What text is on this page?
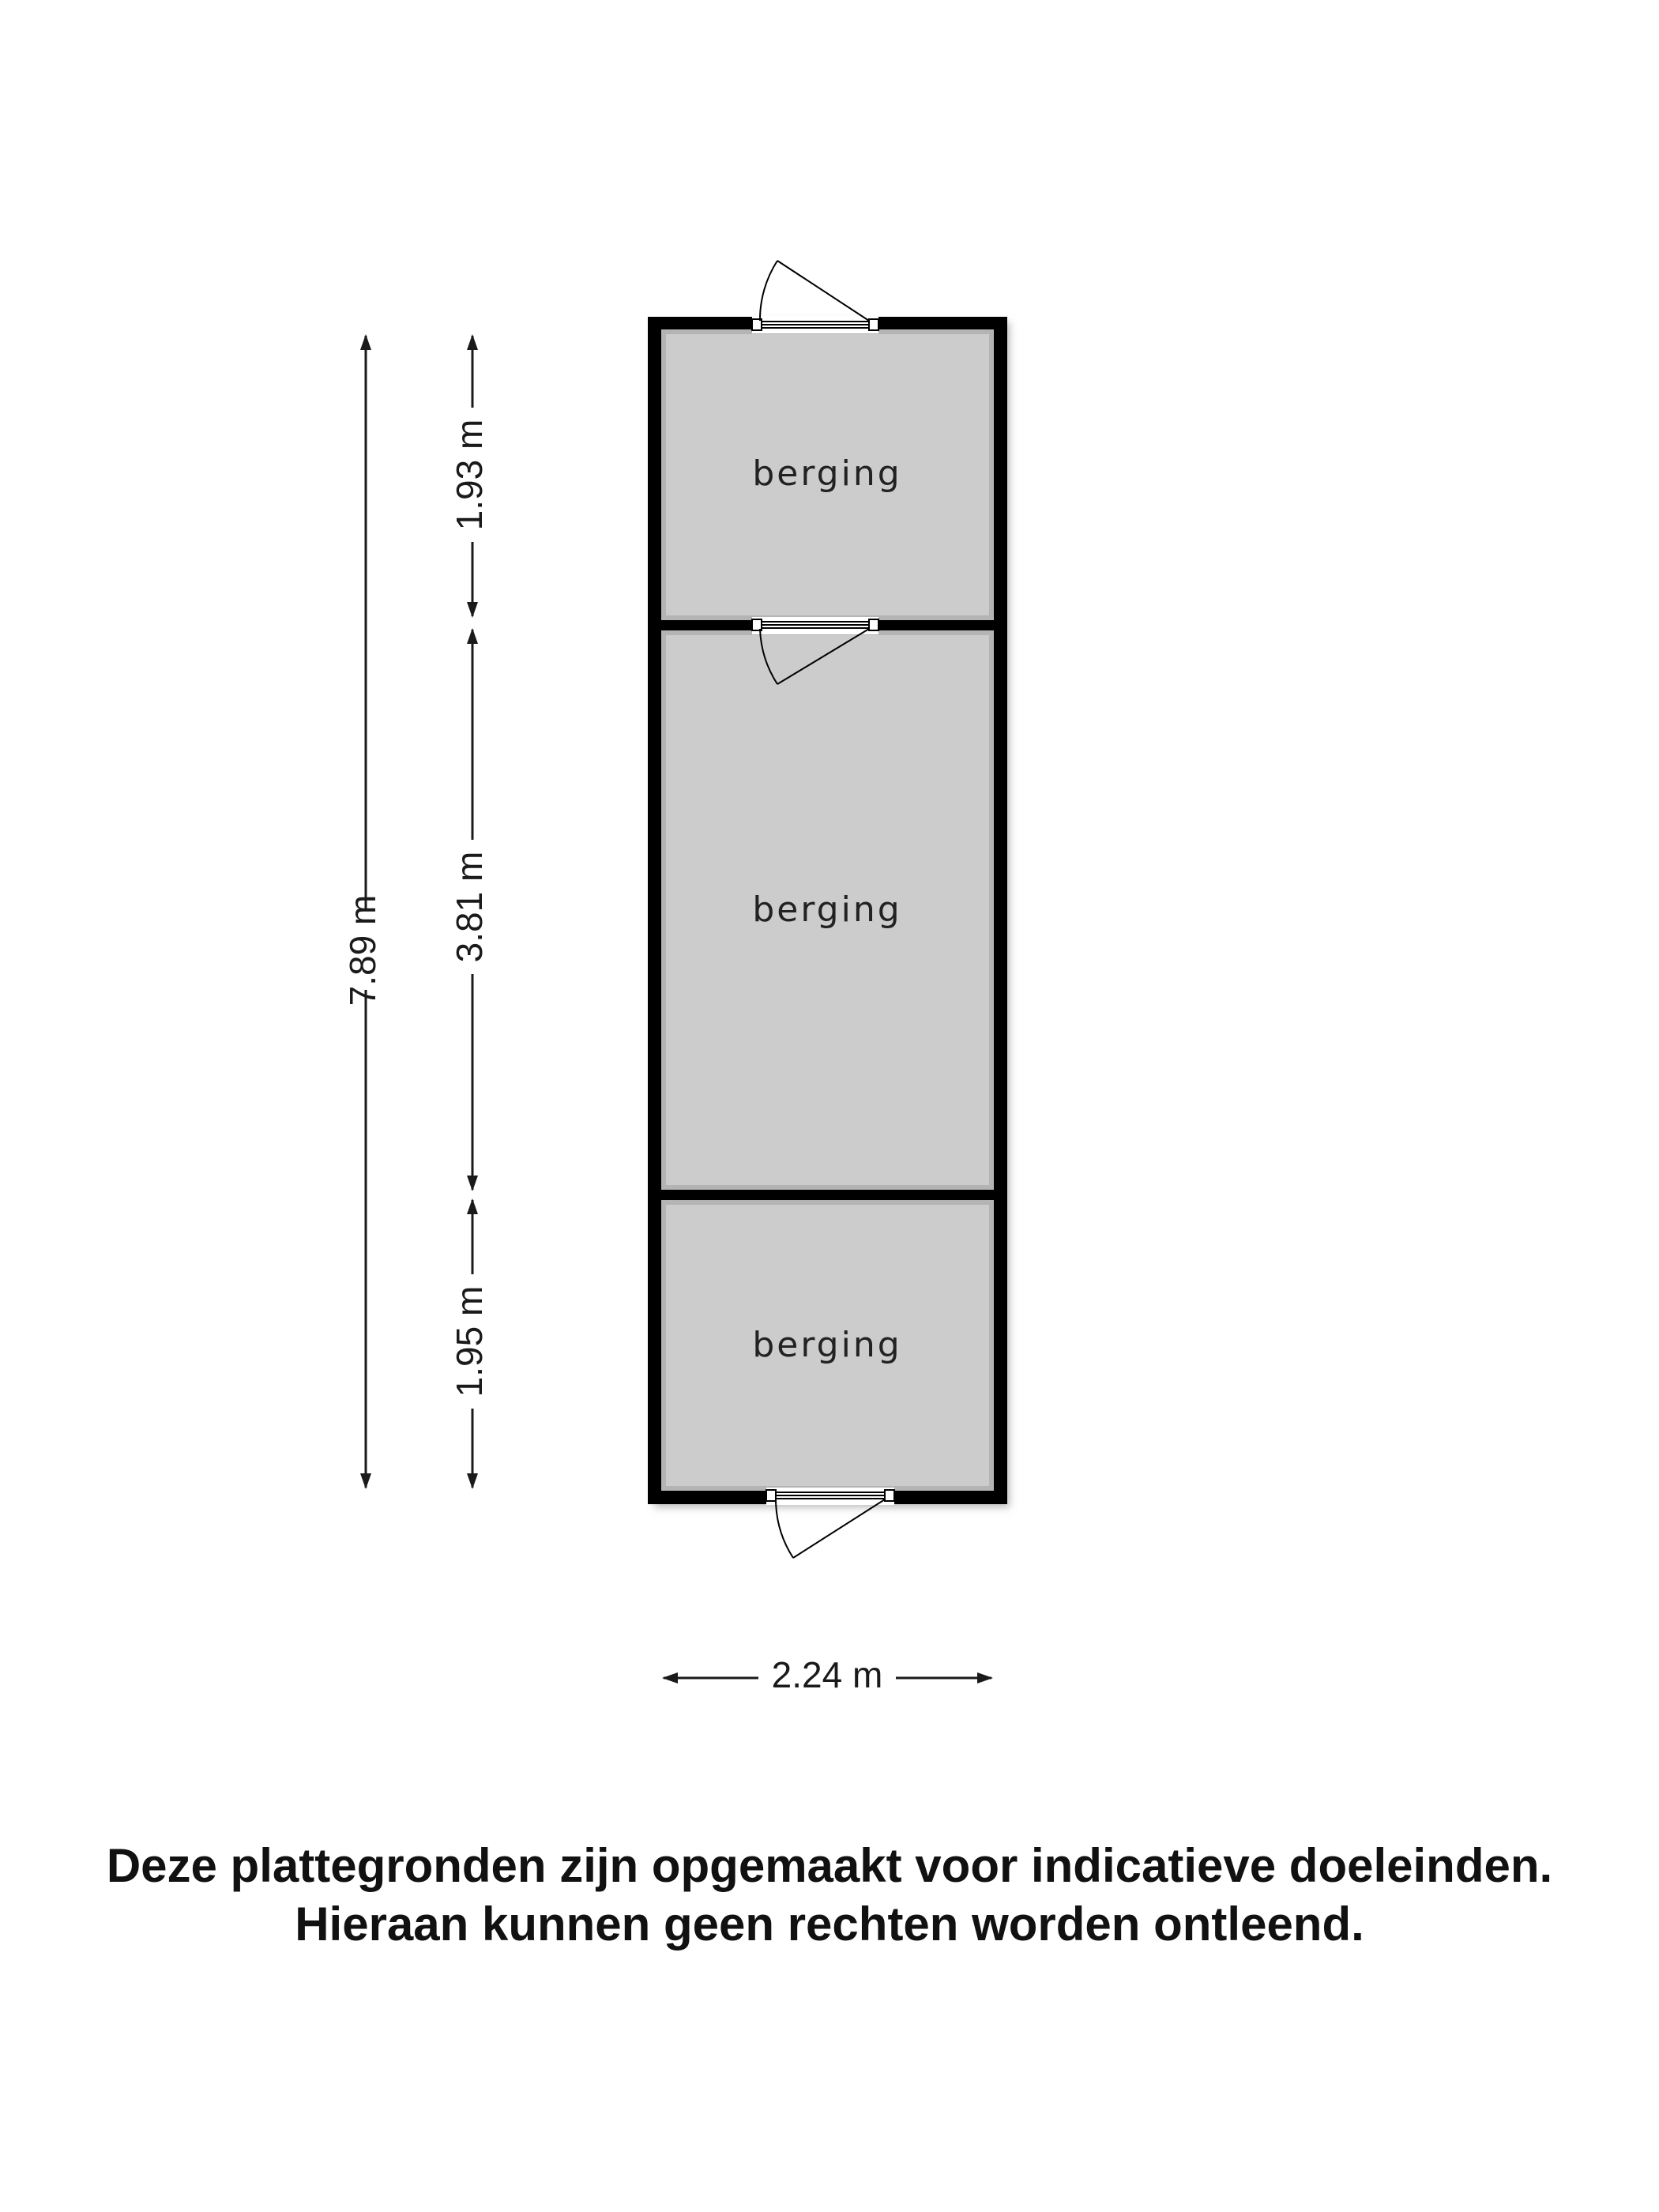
berging
berging
berging
7.89 m
1.93 m
3.81 m
1.95 m
2.24 m
Deze plattegronden zijn opgemaakt voor indicatieve doeleinden.
Hieraan kunnen geen rechten worden ontleend.
